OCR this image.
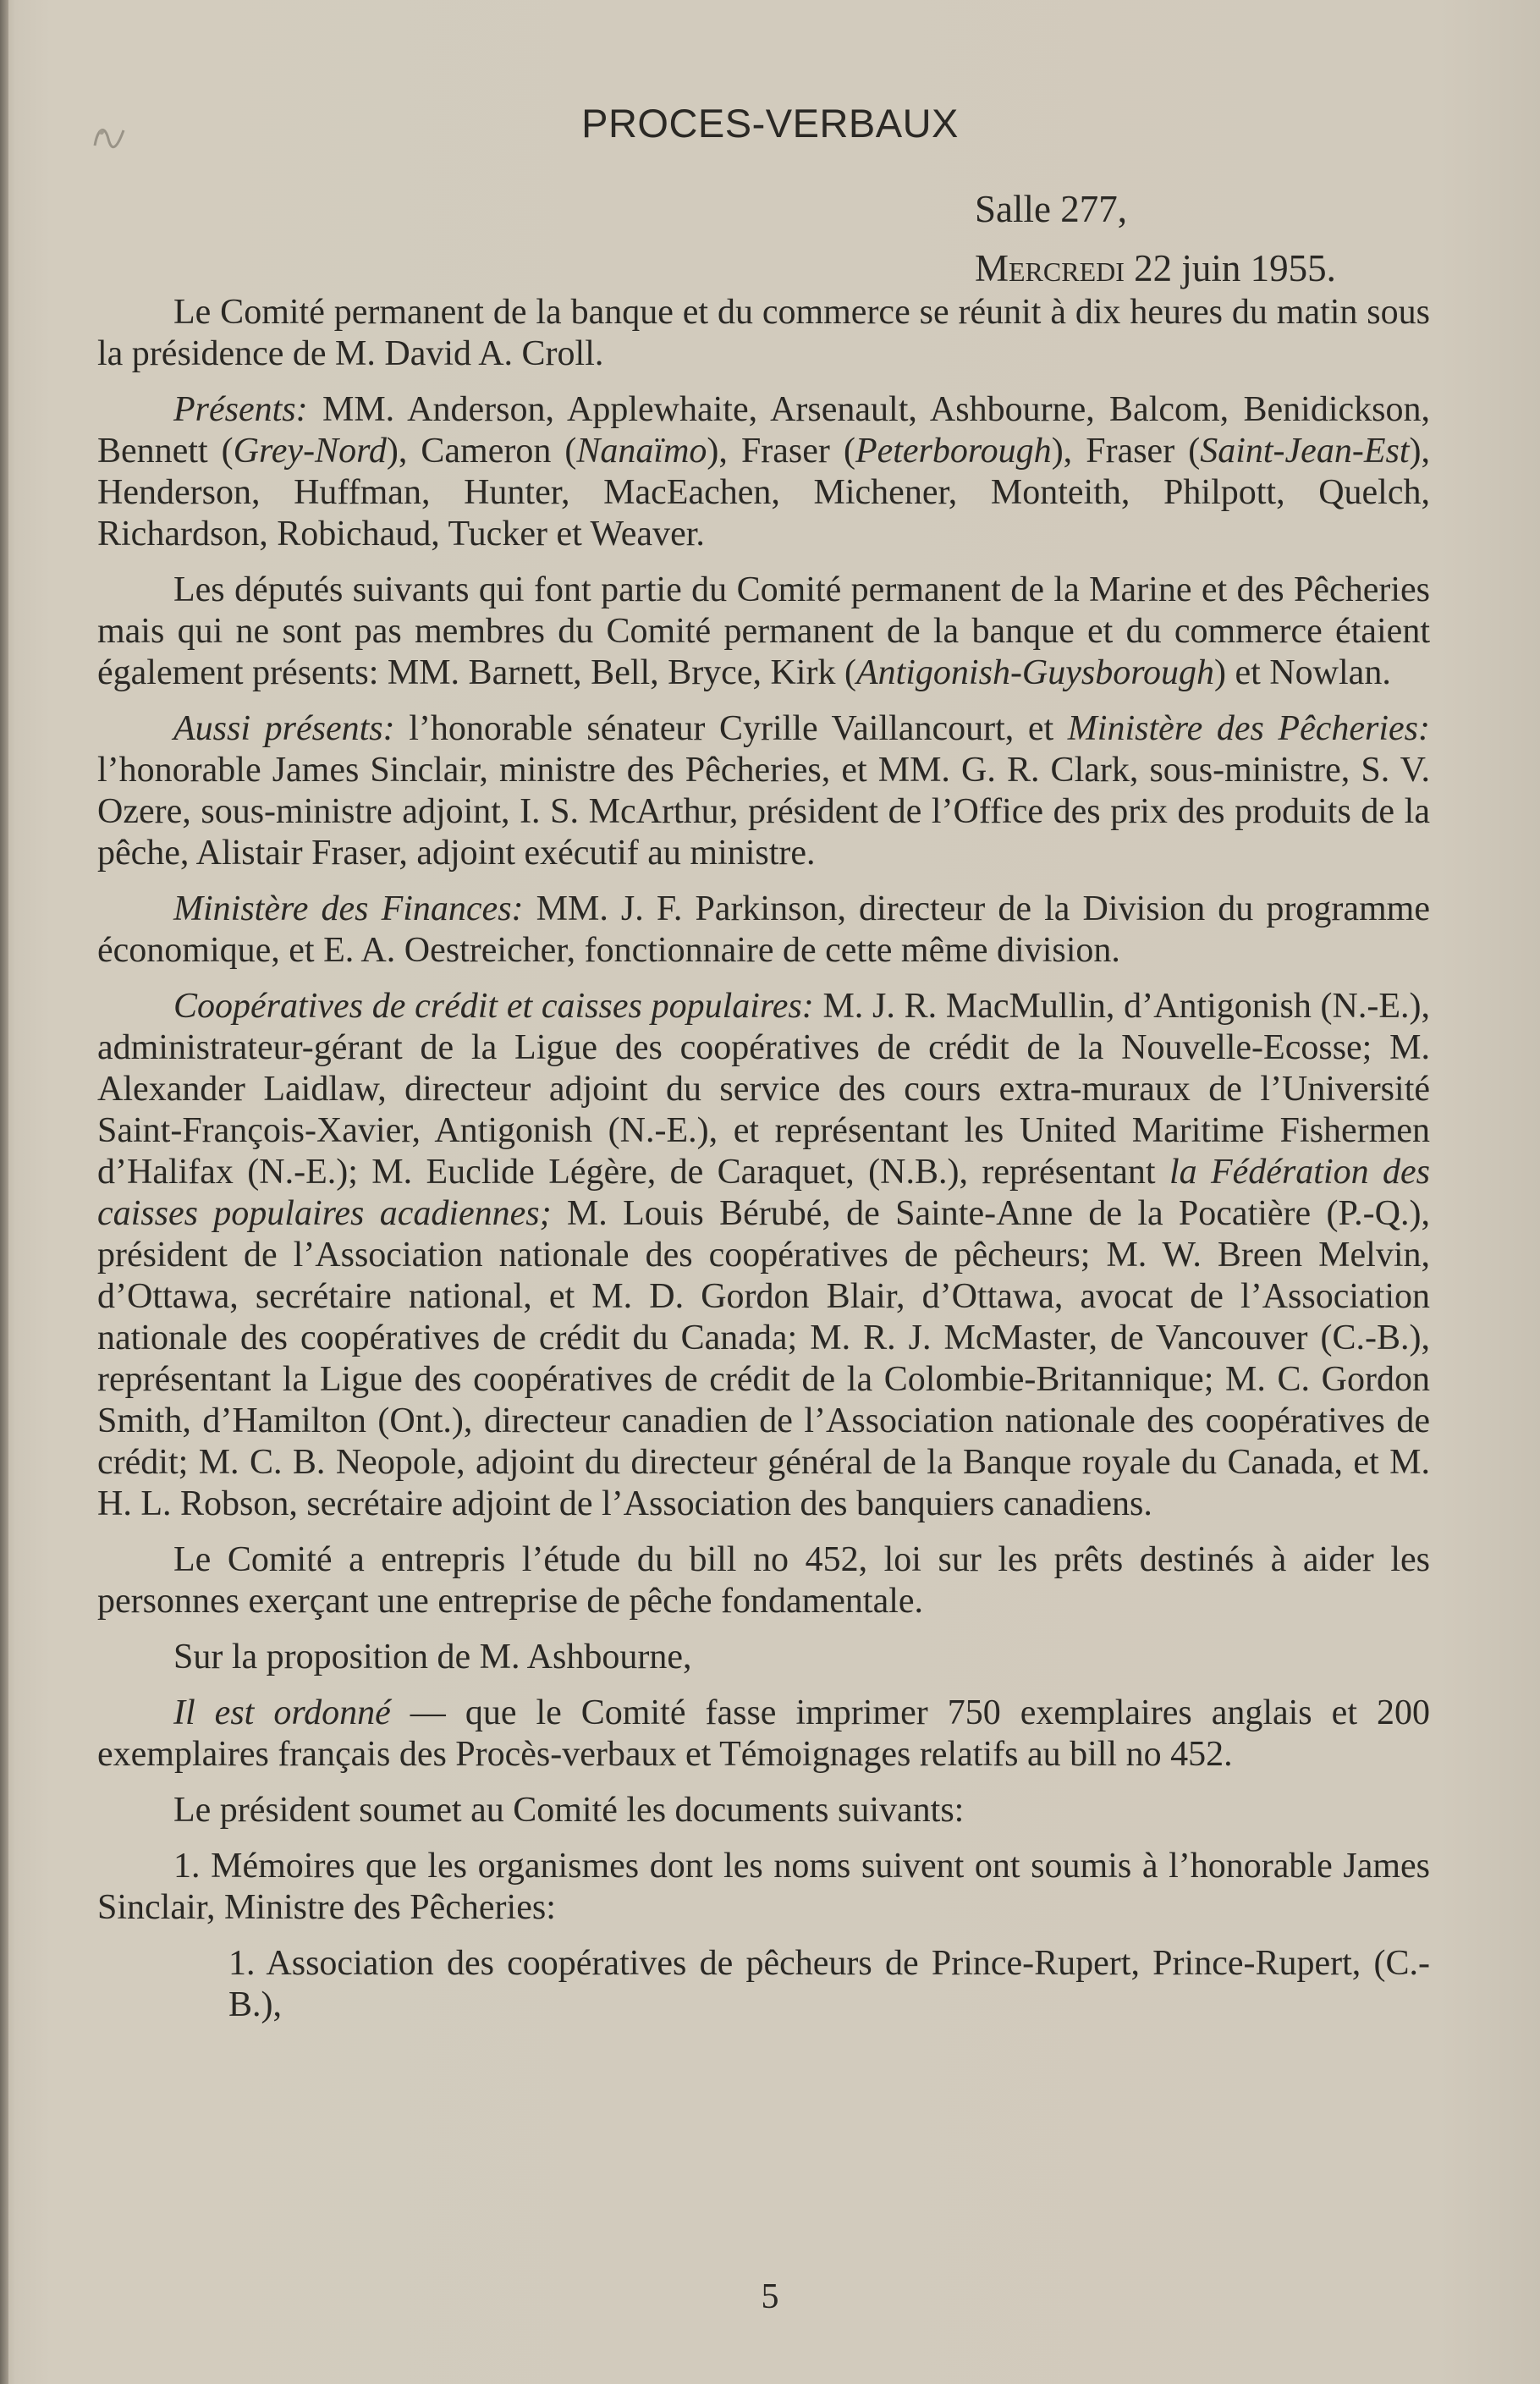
PROCES-VERBAUX
Salle 277,
Mercredi 22 juin 1955.

Le Comité permanent de la banque et du commerce se réunit à dix heures du matin sous la présidence de M. David A. Croll.

Présents: MM. Anderson, Applewhaite, Arsenault, Ashbourne, Balcom, Benidickson, Bennett (Grey-Nord), Cameron (Nanaïmo), Fraser (Peterborough), Fraser (Saint-Jean-Est), Henderson, Huffman, Hunter, MacEachen, Michener, Monteith, Philpott, Quelch, Richardson, Robichaud, Tucker et Weaver.

Les députés suivants qui font partie du Comité permanent de la Marine et des Pêcheries mais qui ne sont pas membres du Comité permanent de la banque et du commerce étaient également présents: MM. Barnett, Bell, Bryce, Kirk (Antigonish-Guysborough) et Nowlan.

Aussi présents: l’honorable sénateur Cyrille Vaillancourt, et Ministère des Pêcheries: l’honorable James Sinclair, ministre des Pêcheries, et MM. G. R. Clark, sous-ministre, S. V. Ozere, sous-ministre adjoint, I. S. McArthur, président de l’Office des prix des produits de la pêche, Alistair Fraser, adjoint exécutif au ministre.

Ministère des Finances: MM. J. F. Parkinson, directeur de la Division du programme économique, et E. A. Oestreicher, fonctionnaire de cette même division.

Coopératives de crédit et caisses populaires: M. J. R. MacMullin, d’Antigonish (N.-E.), administrateur-gérant de la Ligue des coopératives de crédit de la Nouvelle-Ecosse; M. Alexander Laidlaw, directeur adjoint du service des cours extra-muraux de l’Université Saint-François-Xavier, Antigonish (N.-E.), et représentant les United Maritime Fishermen d’Halifax (N.-E.); M. Euclide Légère, de Caraquet, (N.B.), représentant la Fédération des caisses populaires acadiennes; M. Louis Bérubé, de Sainte-Anne de la Pocatière (P.-Q.), président de l’Association nationale des coopératives de pêcheurs; M. W. Breen Melvin, d’Ottawa, secrétaire national, et M. D. Gordon Blair, d’Ottawa, avocat de l’Association nationale des coopératives de crédit du Canada; M. R. J. McMaster, de Vancouver (C.-B.), représentant la Ligue des coopératives de crédit de la Colombie-Britannique; M. C. Gordon Smith, d’Hamilton (Ont.), directeur canadien de l’Association nationale des coopératives de crédit; M. C. B. Neopole, adjoint du directeur général de la Banque royale du Canada, et M. H. L. Robson, secrétaire adjoint de l’Association des banquiers canadiens.

Le Comité a entrepris l’étude du bill no 452, loi sur les prêts destinés à aider les personnes exerçant une entreprise de pêche fondamentale.

Sur la proposition de M. Ashbourne,

Il est ordonné — que le Comité fasse imprimer 750 exemplaires anglais et 200 exemplaires français des Procès-verbaux et Témoignages relatifs au bill no 452.

Le président soumet au Comité les documents suivants:

1. Mémoires que les organismes dont les noms suivent ont soumis à l’honorable James Sinclair, Ministre des Pêcheries:

1. Association des coopératives de pêcheurs de Prince-Rupert, Prince-Rupert, (C.-B.),

5
